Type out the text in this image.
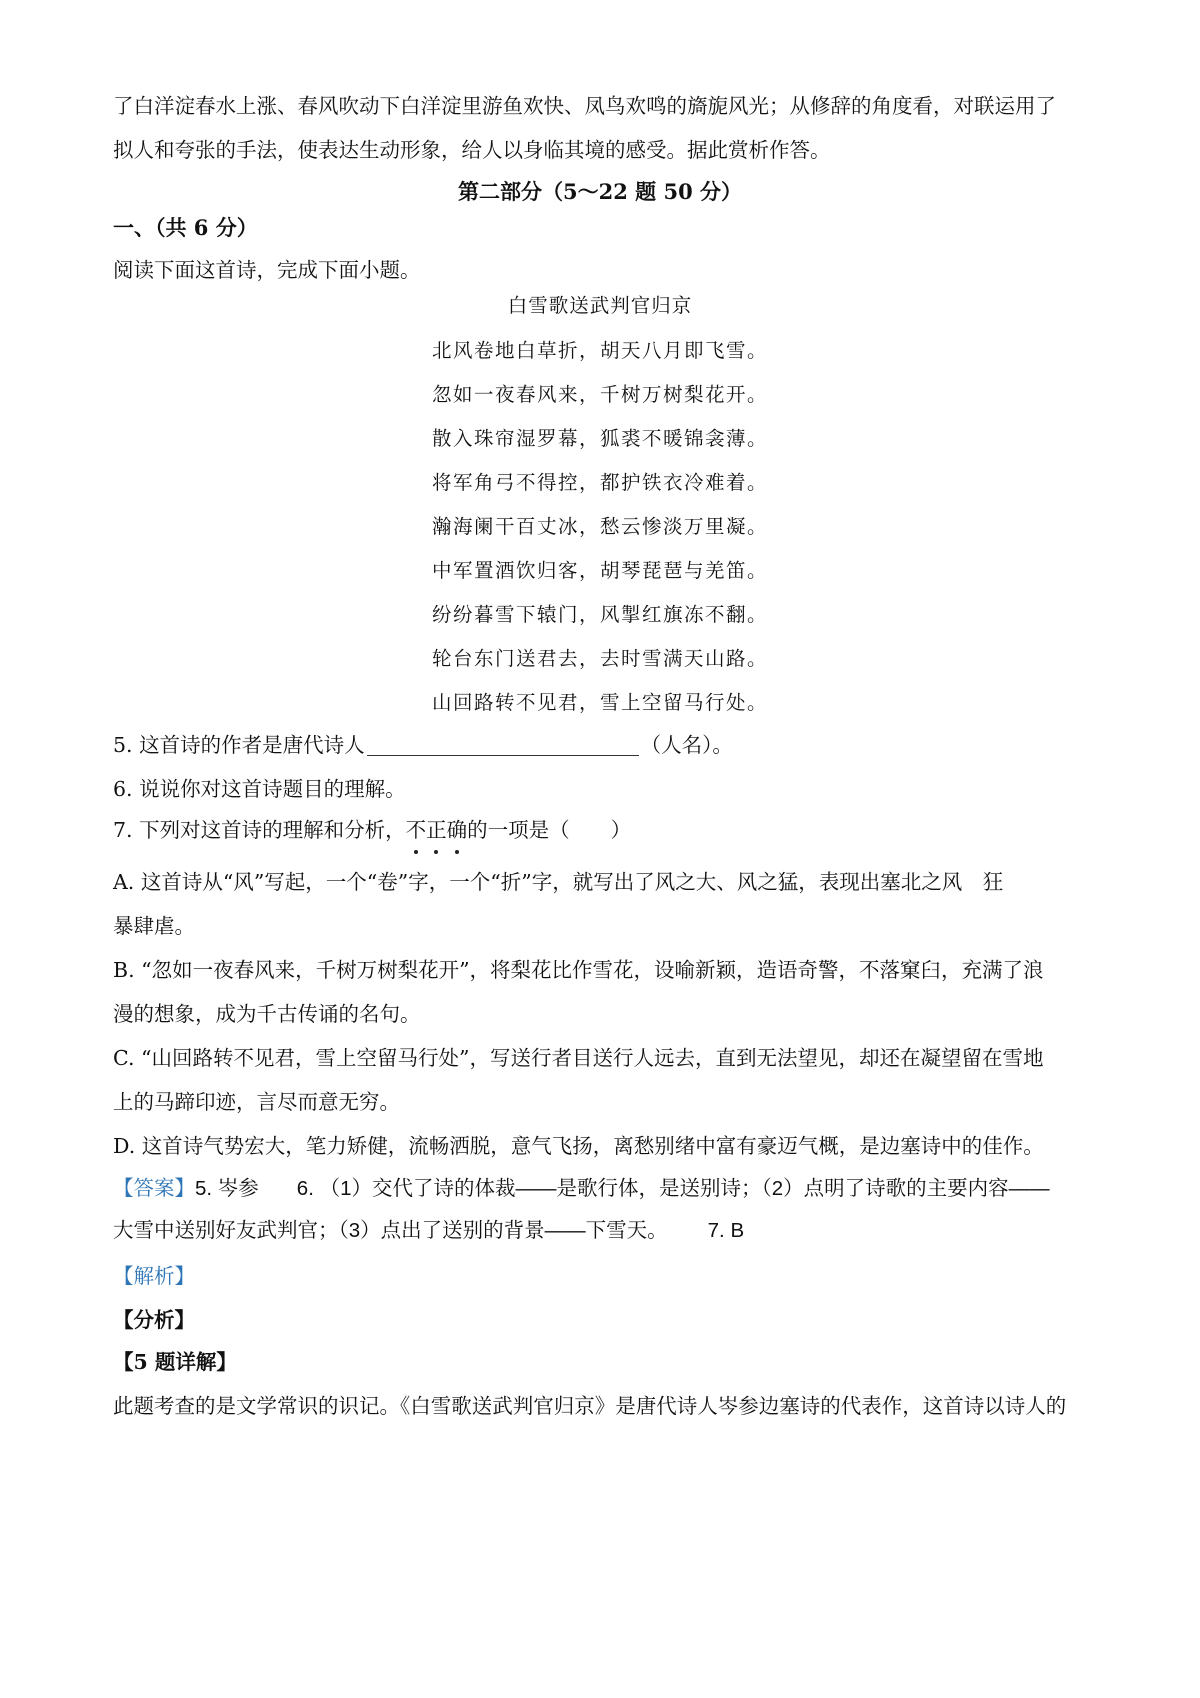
了白洋淀春水上涨、春风吹动下白洋淀里游鱼欢快、凤鸟欢鸣的旖旎风光；从修辞的角度看，对联运用了
拟人和夸张的手法，使表达生动形象，给人以身临其境的感受。据此赏析作答。
第二部分（5～22 题 50 分）
一、（共 6 分）
阅读下面这首诗，完成下面小题。
白雪歌送武判官归京
北风卷地白草折，胡天八月即飞雪。
忽如一夜春风来，千树万树梨花开。
散入珠帘湿罗幕，狐裘不暖锦衾薄。
将军角弓不得控，都护铁衣冷难着。
瀚海阑干百丈冰，愁云惨淡万里凝。
中军置酒饮归客，胡琴琵琶与羌笛。
纷纷暮雪下辕门，风掣红旗冻不翻。
轮台东门送君去，去时雪满天山路。
山回路转不见君，雪上空留马行处。
5. 这首诗的作者是唐代诗人	（人名）。
6. 说说你对这首诗题目的理解。
7. 下列对这首诗的理解和分析，不
正
确
的一项是（　　）
A. 这首诗从“风”写起，一个“卷”字，一个“折”字，就写出了风之大、风之猛，表现出塞北之风　狂
暴肆虐。
B. “忽如一夜春风来，千树万树梨花开”，将梨花比作雪花，设喻新颖，造语奇警，不落窠臼，充满了浪
漫的想象，成为千古传诵的名句。
C. “山回路转不见君，雪上空留马行处”，写送行者目送行人远去，直到无法望见，却还在凝望留在雪地
上的马蹄印迹，言尽而意无穷。
D. 这首诗气势宏大，笔力矫健，流畅洒脱，意气飞扬，离愁别绪中富有豪迈气概，是边塞诗中的佳作。
【答案】5. 岑参 6. （1）交代了诗的体裁——是歌行体，是送别诗；（2）点明了诗歌的主要内容——
大雪中送别好友武判官；（3）点出了送别的背景——下雪天。 7. B
【解析】
【分析】
【5 题详解】
此题考查的是文学常识的识记。《白雪歌送武判官归京》是唐代诗人岑参边塞诗的代表作，这首诗以诗人的
